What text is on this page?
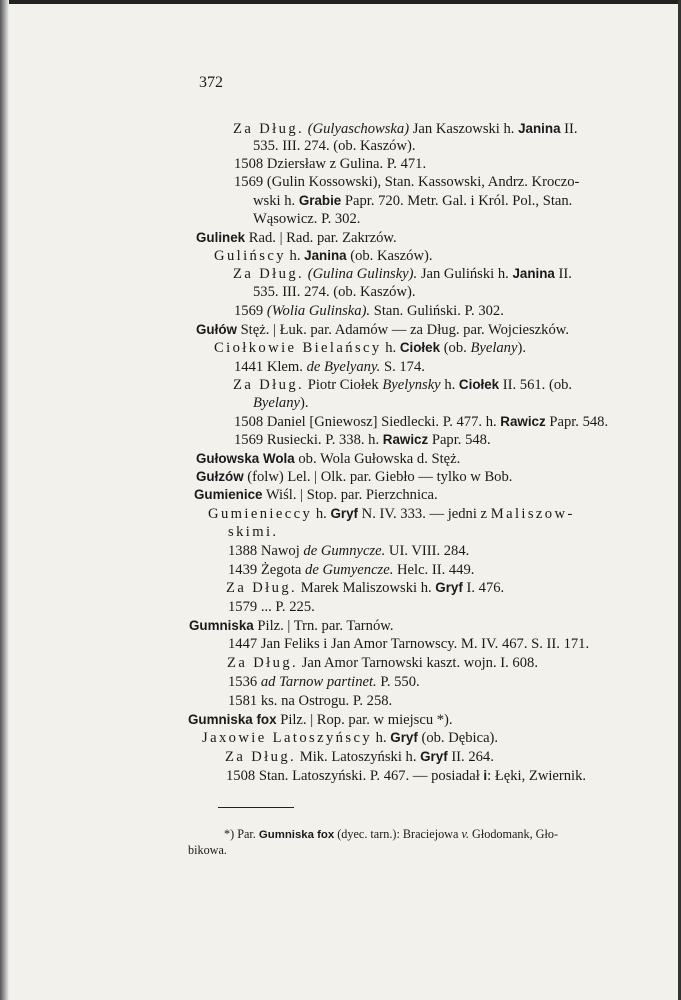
372
Za Dług. (Gulyaschowska) Jan Kaszowski h. Janina II.
535. III. 274. (ob. Kaszów).
1508 Dziersław z Gulina. P. 471.
1569 (Gulin Kossowski), Stan. Kassowski, Andrz. Kroczo-
wski h. Grabie Papr. 720. Metr. Gal. i Król. Pol., Stan.
Wąsowicz. P. 302.
Gulinek Rad. | Rad. par. Zakrzów.
Gulińscy h. Janina (ob. Kaszów).
Za Dług. (Gulina Gulinsky). Jan Guliński h. Janina II.
535. III. 274. (ob. Kaszów).
1569 (Wolia Gulinska). Stan. Guliński. P. 302.
Gułów Stęż. | Łuk. par. Adamów — za Dług. par. Wojcieszków.
Ciołkowie Bielańscy h. Ciołek (ob. Byelany).
1441 Klem. de Byelyany. S. 174.
Za Dług. Piotr Ciołek Byelynsky h. Ciołek II. 561. (ob.
Byelany).
1508 Daniel [Gniewosz] Siedlecki. P. 477. h. Rawicz Papr. 548.
1569 Rusiecki. P. 338. h. Rawicz Papr. 548.
Gułowska Wola ob. Wola Gułowska d. Stęż.
Gułzów (folw) Lel. | Olk. par. Giebło — tylko w Bob.
Gumienice Wiśl. | Stop. par. Pierzchnica.
Gumienieccy h. Gryf N. IV. 333. — jedni z Maliszow-
skimi.
1388 Nawoj de Gumnycze. UI. VIII. 284.
1439 Żegota de Gumyencze. Helc. II. 449.
Za Dług. Marek Maliszowski h. Gryf I. 476.
1579 ... P. 225.
Gumniska Pilz. | Trn. par. Tarnów.
1447 Jan Feliks i Jan Amor Tarnowscy. M. IV. 467. S. II. 171.
Za Dług. Jan Amor Tarnowski kaszt. wojn. I. 608.
1536 ad Tarnow partinet. P. 550.
1581 ks. na Ostrogu. P. 258.
Gumniska fox Pilz. | Rop. par. w miejscu *).
Jaxowie Latoszyńscy h. Gryf (ob. Dębica).
Za Dług. Mik. Latoszyński h. Gryf II. 264.
1508 Stan. Latoszyński. P. 467. — posiadał i: Łęki, Zwiernik.
*) Par. Gumniska fox (dyec. tarn.): Braciejowa v. Głodomank, Gło-
bikowa.
